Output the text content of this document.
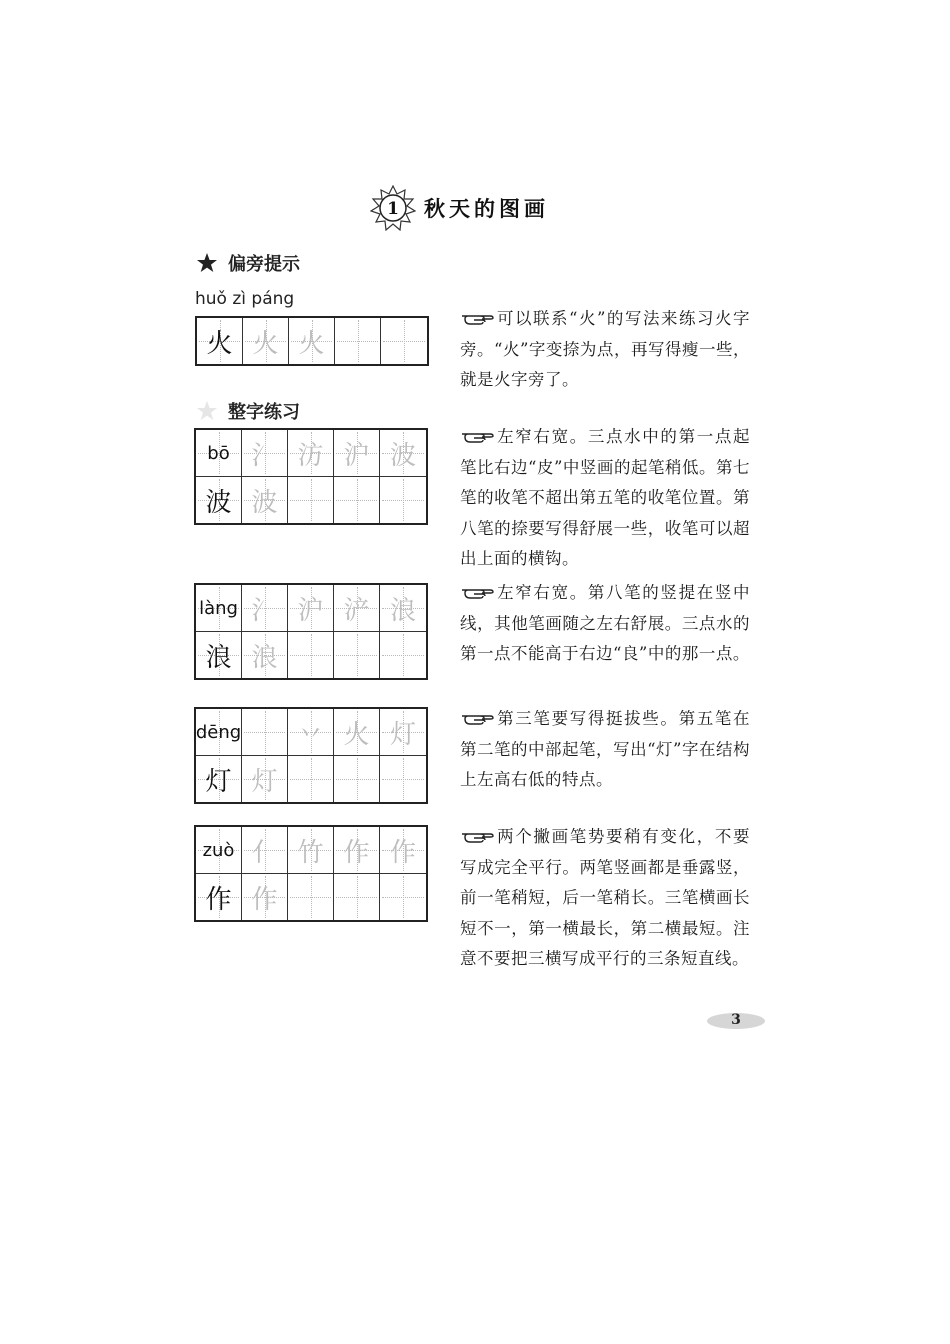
1 秋天的图画
偏旁提示
huǒ zì páng
火 火 火
可以联系“火”的写法来练习火字旁。“火”字变捺为点，再写得瘦一些，就是火字旁了。
整字练习
bō 氵 汸 沪 波
波 波
左窄右宽。三点水中的第一点起笔比右边“皮”中竖画的起笔稍低。第七笔的收笔不超出第五笔的收笔位置。第八笔的捺要写得舒展一些，收笔可以超出上面的横钩。
làng 氵 沪 浐 浪
浪 浪
左窄右宽。第八笔的竖提在竖中线，其他笔画随之左右舒展。三点水的第一点不能高于右边“良”中的那一点。
dēng 丷 火 灯
灯 灯
第三笔要写得挺拔些。第五笔在第二笔的中部起笔，写出“灯”字在结构上左高右低的特点。
zuò 亻 竹 作 作
作 作
两个撇画笔势要稍有变化，不要写成完全平行。两笔竖画都是垂露竖，前一笔稍短，后一笔稍长。三笔横画长短不一，第一横最长，第二横最短。注意不要把三横写成平行的三条短直线。
3
